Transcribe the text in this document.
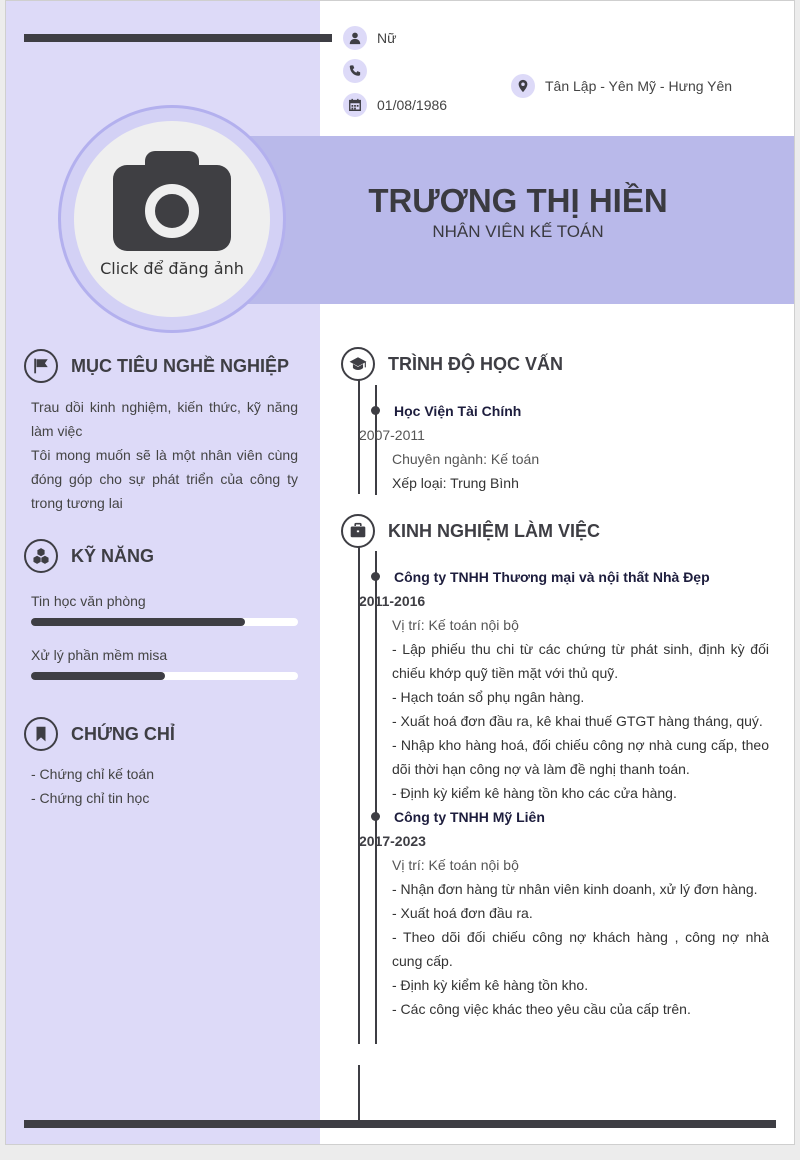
Click để đăng ảnh
Nữ
01/08/1986
Tân Lập - Yên Mỹ - Hưng Yên
TRƯƠNG THỊ HIỀN
NHÂN VIÊN KẾ TOÁN
MỤC TIÊU NGHỀ NGHIỆP
Trau dồi kinh nghiệm, kiến thức, kỹ năng làm việc
Tôi mong muốn sẽ là một nhân viên cùng đóng góp cho sự phát triển của công ty trong tương lai
KỸ NĂNG
Tin học văn phòng
Xử lý phần mềm misa
CHỨNG CHỈ
- Chứng chỉ kế toán
- Chứng chỉ tin học
TRÌNH ĐỘ HỌC VẤN
Học Viện Tài Chính
2007-2011
Chuyên ngành: Kế toán
Xếp loại: Trung Bình
KINH NGHIỆM LÀM VIỆC
Công ty TNHH Thương mại và nội thất Nhà Đẹp
2011-2016
Vị trí: Kế toán nội bộ
- Lập phiếu thu chi từ các chứng từ phát sinh, định kỳ đối chiếu khớp quỹ tiền mặt với thủ quỹ.
- Hạch toán sổ phụ ngân hàng.
- Xuất hoá đơn đầu ra, kê khai thuế GTGT hàng tháng, quý.
- Nhập kho hàng hoá, đối chiếu công nợ nhà cung cấp, theo dõi thời hạn công nợ và làm đề nghị thanh toán.
- Định kỳ kiểm kê hàng tồn kho các cửa hàng.
Công ty TNHH Mỹ Liên
2017-2023
Vị trí: Kế toán nội bộ
- Nhận đơn hàng từ nhân viên kinh doanh, xử lý đơn hàng.
- Xuất hoá đơn đầu ra.
- Theo dõi đối chiếu công nợ khách hàng , công nợ nhà cung cấp.
- Định kỳ kiểm kê hàng tồn kho.
- Các công việc khác theo yêu cầu của cấp trên.
